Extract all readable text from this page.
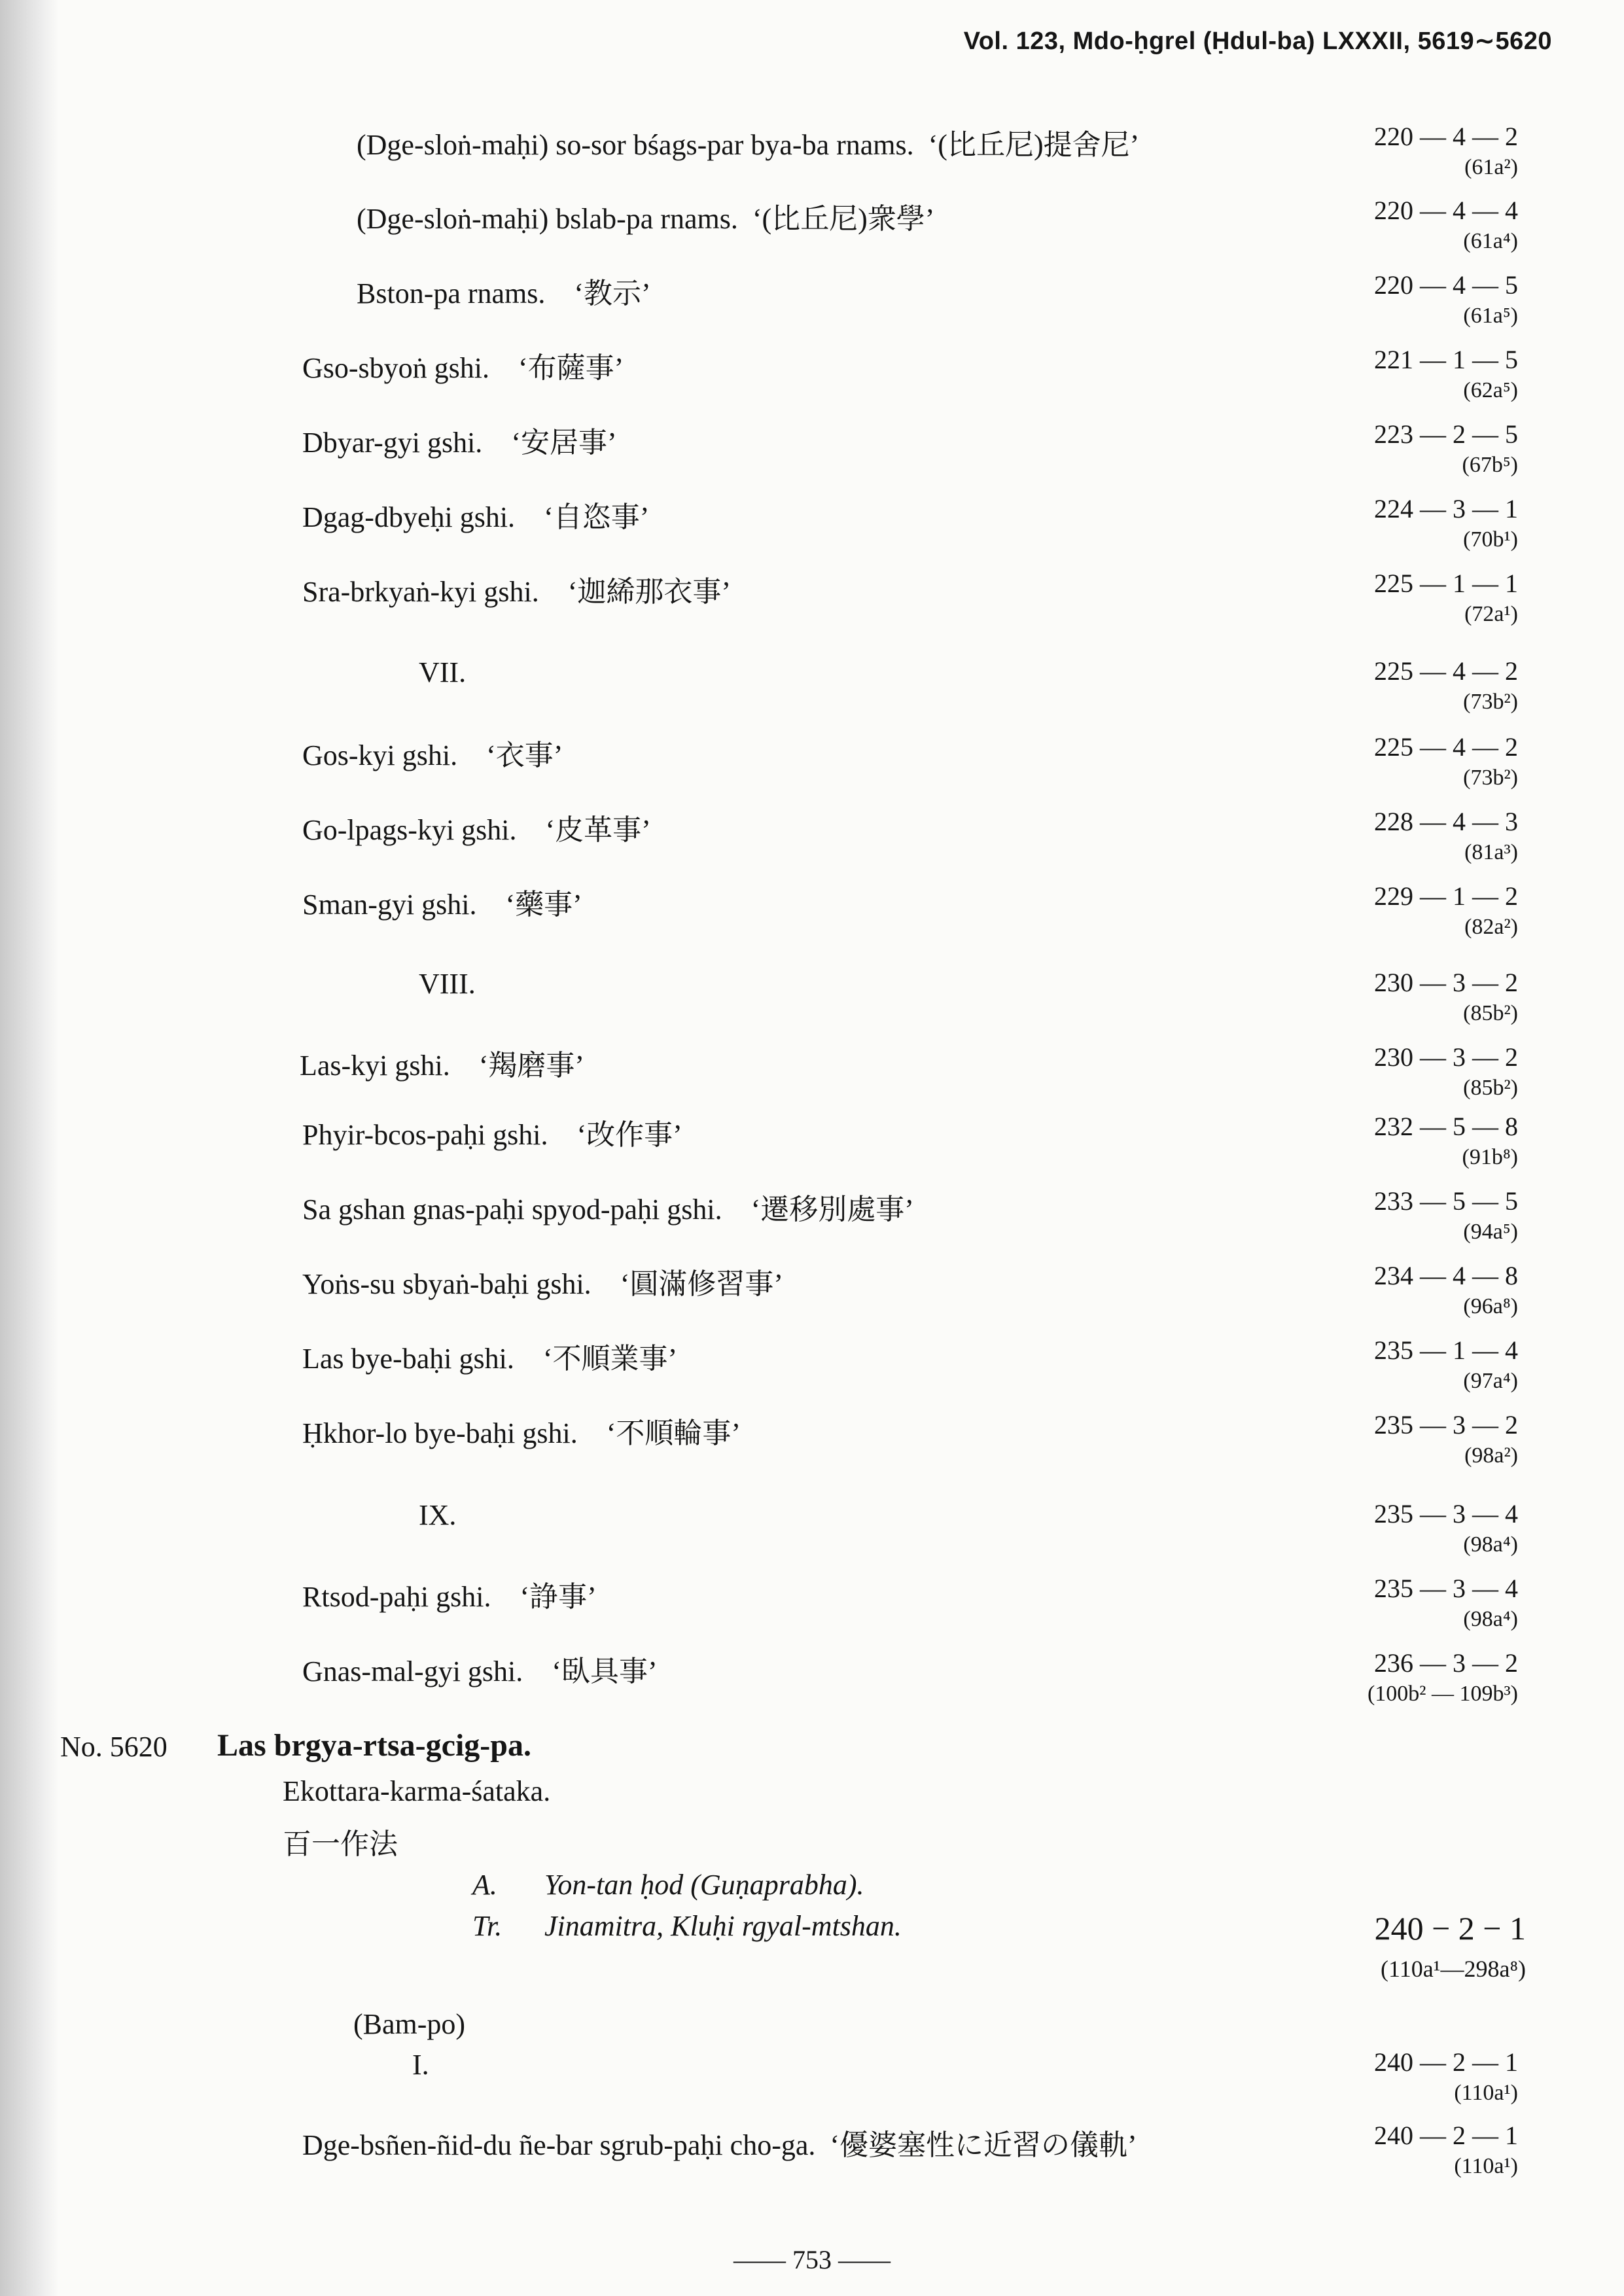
Vol. 123, Mdo-ḥgrel (Ḥdul-ba) LXXXII, 5619∼5620
(Dge-sloṅ-maḥi) so-sor bśags-par bya-ba rnams. ‘(比丘尼)提舍尼’	220 — 4 — 2
(61a²)
(Dge-sloṅ-maḥi) bslab-pa rnams. ‘(比丘尼)衆學’	220 — 4 — 4
(61a⁴)
Bston-pa rnams. ‘教示’	220 — 4 — 5
(61a⁵)
Gso-sbyoṅ gshi. ‘布薩事’	221 — 1 — 5
(62a⁵)
Dbyar-gyi gshi. ‘安居事’	223 — 2 — 5
(67b⁵)
Dgag-dbyeḥi gshi. ‘自恣事’	224 — 3 — 1
(70b¹)
Sra-brkyaṅ-kyi gshi. ‘迦絺那衣事’	225 — 1 — 1
(72a¹)
VII.	225 — 4 — 2
(73b²)
Gos-kyi gshi. ‘衣事’	225 — 4 — 2
(73b²)
Go-lpags-kyi gshi. ‘皮革事’	228 — 4 — 3
(81a³)
Sman-gyi gshi. ‘藥事’	229 — 1 — 2
(82a²)
VIII.	230 — 3 — 2
(85b²)
Las-kyi gshi. ‘羯磨事’	230 — 3 — 2
(85b²)
Phyir-bcos-paḥi gshi. ‘改作事’	232 — 5 — 8
(91b⁸)
Sa gshan gnas-paḥi spyod-paḥi gshi. ‘遷移別處事’	233 — 5 — 5
(94a⁵)
Yoṅs-su sbyaṅ-baḥi gshi. ‘圓滿修習事’	234 — 4 — 8
(96a⁸)
Las bye-baḥi gshi. ‘不順業事’	235 — 1 — 4
(97a⁴)
Ḥkhor-lo bye-baḥi gshi. ‘不順輪事’	235 — 3 — 2
(98a²)
IX.	235 — 3 — 4
(98a⁴)
Rtsod-paḥi gshi. ‘諍事’	235 — 3 — 4
(98a⁴)
Gnas-mal-gyi gshi. ‘臥具事’	236 — 3 — 2
(100b² — 109b³)
No. 5620 Las brgya-rtsa-gcig-pa.
Ekottara-karma-śataka.
百一作法
A. Yon-tan ḥod (Guṇaprabha).
Tr. Jinamitra, Kluḥi rgyal-mtshan.	240 − 2 − 1
(110a¹—298a⁸)
(Bam-po)
I.	240 — 2 — 1
(110a¹)
Dge-bsñen-ñid-du ñe-bar sgrub-paḥi cho-ga. ‘優婆塞性に近習の儀軌’	240 — 2 — 1
(110a¹)
—— 753 ——
